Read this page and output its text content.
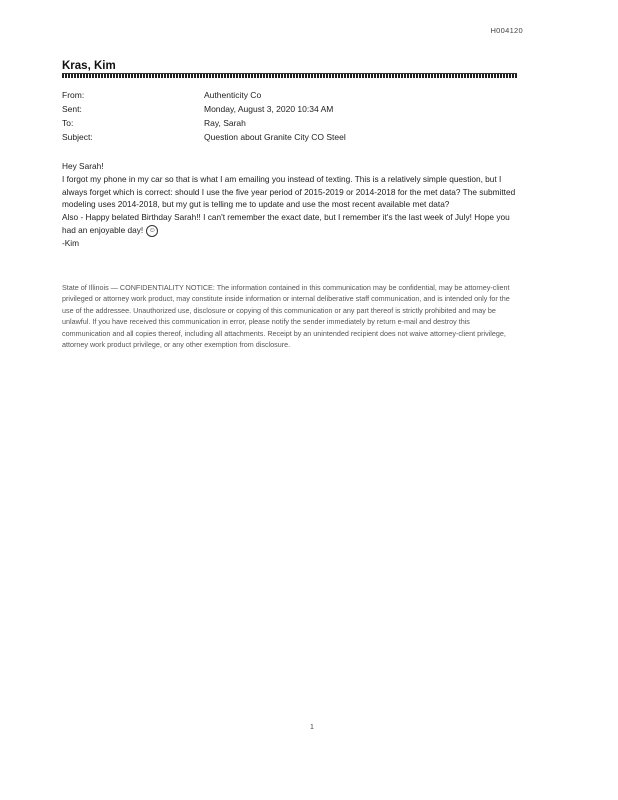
H004120
Kras, Kim
From:	Authenticity Co
Sent:	Monday, August 3, 2020 10:34 AM
To:	Ray, Sarah
Subject:	Question about Granite City CO Steel

Hey Sarah!

I forgot my phone in my car so that is what I am emailing you instead of texting. This is a relatively simple question, but I always forget which is correct: should I use the five year period of 2015-2019 or 2014-2018 for the met data? The submitted modeling uses 2014-2018, but my gut is telling me to update and use the most recent available met data?

Also - Happy belated Birthday Sarah!! I can't remember the exact date, but I remember it's the last week of July! Hope you had an enjoyable day! ☺

-Kim

State of Illinois — CONFIDENTIALITY NOTICE: The information contained in this communication may be confidential, may be attorney-client privileged or attorney work product, may constitute inside information or internal deliberative staff communication, and is intended only for the use of the addressee. Unauthorized use, disclosure or copying of this communication or any part thereof is strictly prohibited and may be unlawful. If you have received this communication in error, please notify the sender immediately by return e-mail and destroy this communication and all copies thereof, including all attachments. Receipt by an unintended recipient does not waive attorney-client privilege, attorney work product privilege, or any other exemption from disclosure.
1
